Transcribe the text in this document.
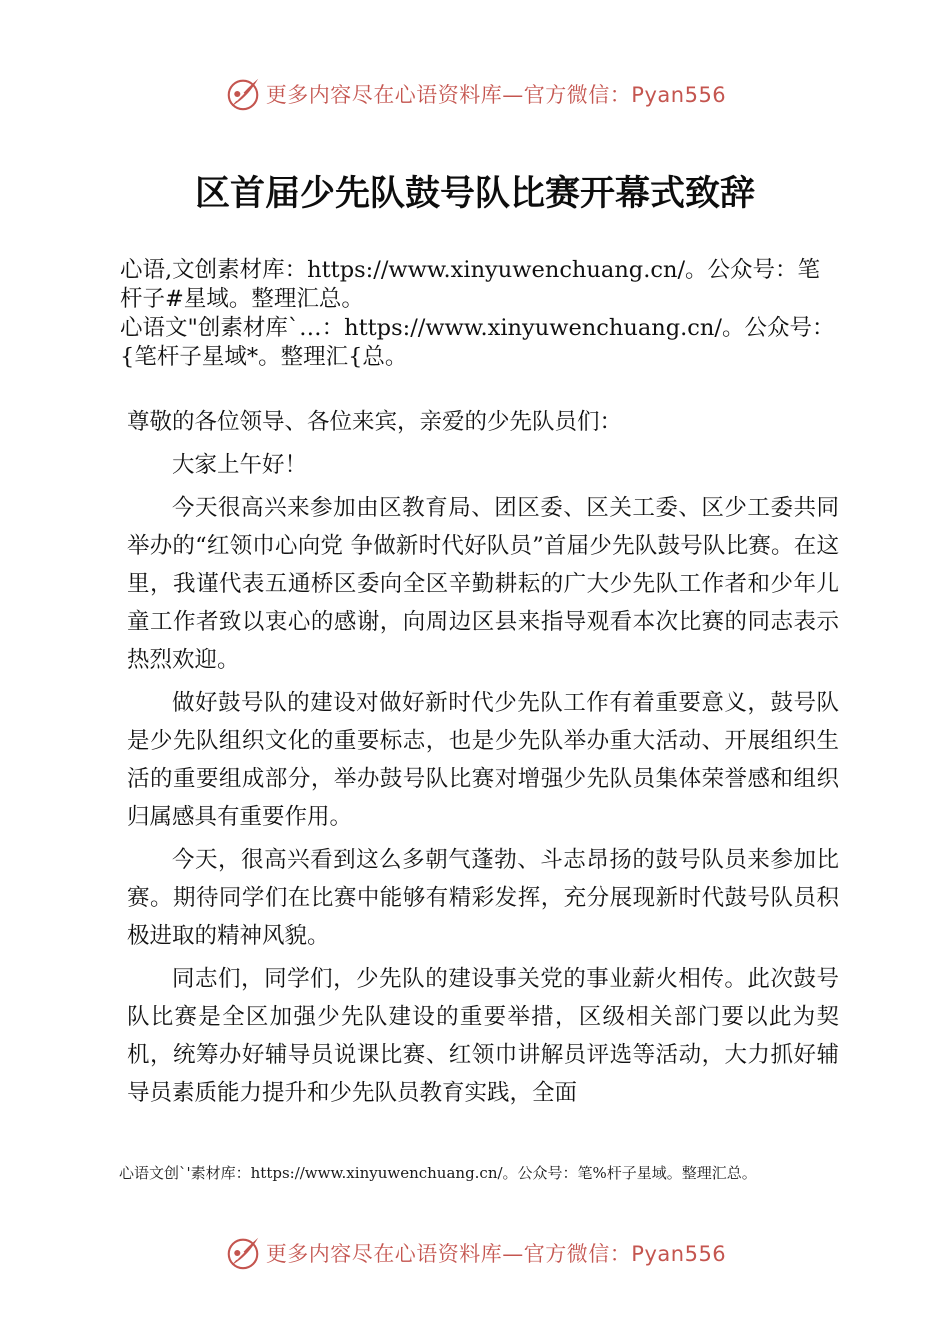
更多内容尽在心语资料库—官方微信：Pyan556
区首届少先队鼓号队比赛开幕式致辞

心语,文创素材库：https://www.xinyuwenchuang.cn/。公众号：笔杆子#星域。整理汇总。

心语文"创素材库`…：https://www.xinyuwenchuang.cn/。公众号：{笔杆子星域*。整理汇{总。

尊敬的各位领导、各位来宾，亲爱的少先队员们：

大家上午好！

今天很高兴来参加由区教育局、团区委、区关工委、区少工委共同举办的“红领巾心向党 争做新时代好队员”首届少先队鼓号队比赛。在这里，我谨代表五通桥区委向全区辛勤耕耘的广大少先队工作者和少年儿童工作者致以衷心的感谢，向周边区县来指导观看本次比赛的同志表示热烈欢迎。

做好鼓号队的建设对做好新时代少先队工作有着重要意义，鼓号队是少先队组织文化的重要标志，也是少先队举办重大活动、开展组织生活的重要组成部分，举办鼓号队比赛对增强少先队员集体荣誉感和组织归属感具有重要作用。

今天，很高兴看到这么多朝气蓬勃、斗志昂扬的鼓号队员来参加比赛。期待同学们在比赛中能够有精彩发挥，充分展现新时代鼓号队员积极进取的精神风貌。

同志们，同学们，少先队的建设事关党的事业薪火相传。此次鼓号队比赛是全区加强少先队建设的重要举措，区级相关部门要以此为契机，统筹办好辅导员说课比赛、红领巾讲解员评选等活动，大力抓好辅导员素质能力提升和少先队员教育实践，全面

心语文创`'素材库：https://www.xinyuwenchuang.cn/。公众号：笔%杆子星域。整理汇总。
更多内容尽在心语资料库—官方微信：Pyan556
